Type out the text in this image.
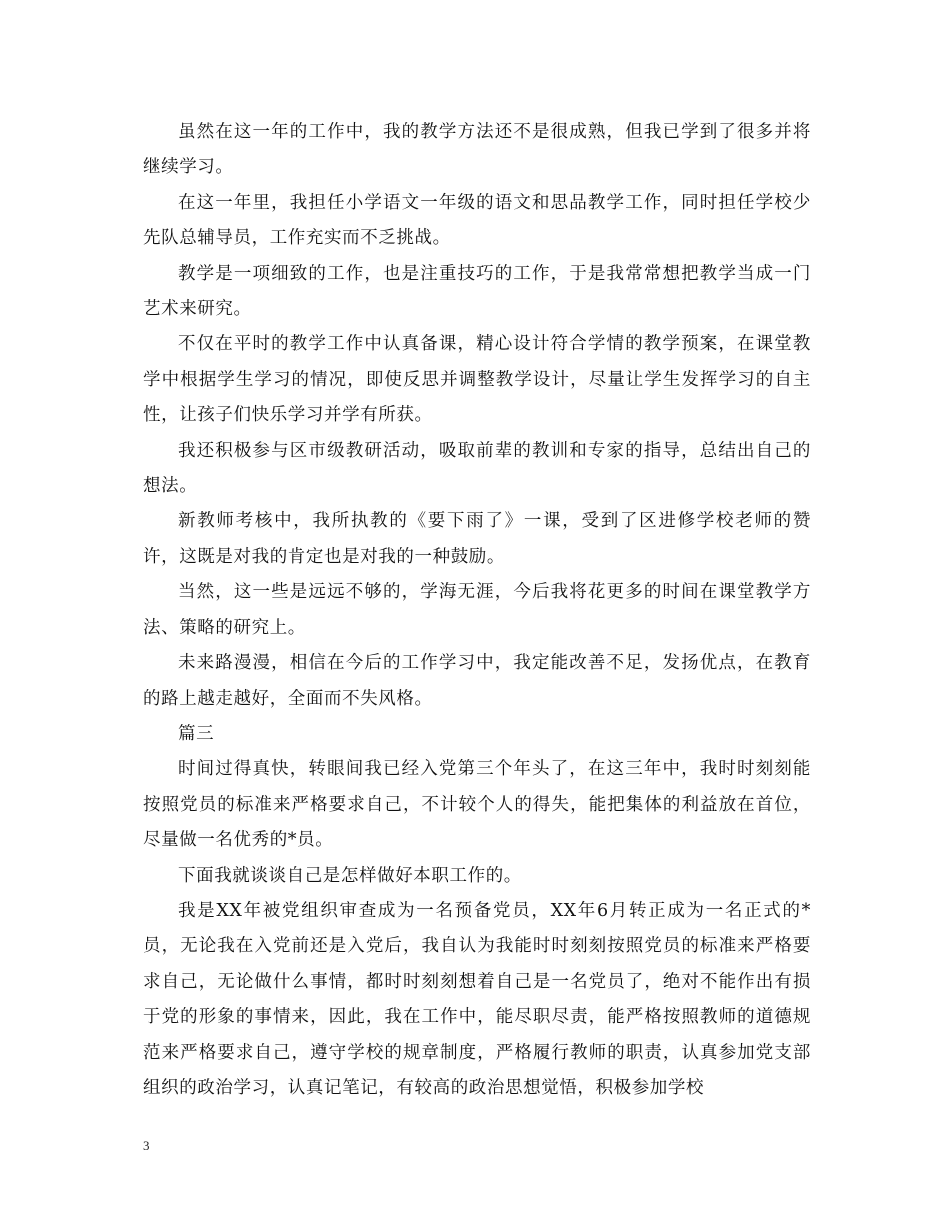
虽然在这一年的工作中，我的教学方法还不是很成熟，但我已学到了很多并将继续学习。

在这一年里，我担任小学语文一年级的语文和思品教学工作，同时担任学校少先队总辅导员，工作充实而不乏挑战。

教学是一项细致的工作，也是注重技巧的工作，于是我常常想把教学当成一门艺术来研究。

不仅在平时的教学工作中认真备课，精心设计符合学情的教学预案，在课堂教学中根据学生学习的情况，即使反思并调整教学设计，尽量让学生发挥学习的自主性，让孩子们快乐学习并学有所获。

我还积极参与区市级教研活动，吸取前辈的教训和专家的指导，总结出自己的想法。

新教师考核中，我所执教的《要下雨了》一课，受到了区进修学校老师的赞许，这既是对我的肯定也是对我的一种鼓励。

当然，这一些是远远不够的，学海无涯，今后我将花更多的时间在课堂教学方法、策略的研究上。

未来路漫漫，相信在今后的工作学习中，我定能改善不足，发扬优点，在教育的路上越走越好，全面而不失风格。

篇三

时间过得真快，转眼间我已经入党第三个年头了，在这三年中，我时时刻刻能按照党员的标准来严格要求自己，不计较个人的得失，能把集体的利益放在首位，尽量做一名优秀的*员。

下面我就谈谈自己是怎样做好本职工作的。

我是XX年被党组织审查成为一名预备党员，XX年6月转正成为一名正式的*员，无论我在入党前还是入党后，我自认为我能时时刻刻按照党员的标准来严格要求自己，无论做什么事情，都时时刻刻想着自己是一名党员了，绝对不能作出有损于党的形象的事情来，因此，我在工作中，能尽职尽责，能严格按照教师的道德规范来严格要求自己，遵守学校的规章制度，严格履行教师的职责，认真参加党支部组织的政治学习，认真记笔记，有较高的政治思想觉悟，积极参加学校

3
